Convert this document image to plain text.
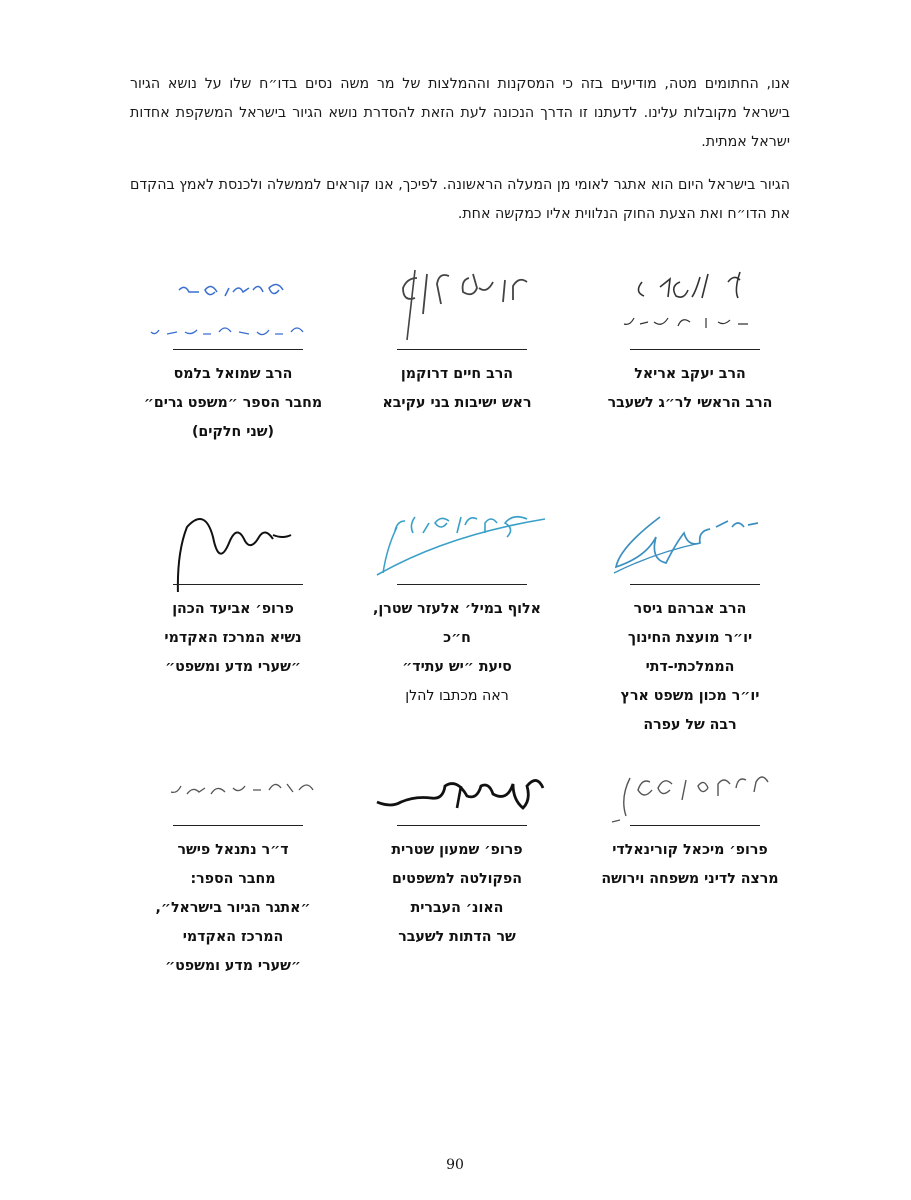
אנו, החתומים מטה, מודיעים בזה כי המסקנות וההמלצות של מר משה נסים בדו״ח שלו על נושא הגיור בישראל מקובלות עלינו. לדעתנו זו הדרך הנכונה לעת הזאת להסדרת נושא הגיור בישראל המשקפת אחדות ישראל אמתית.
הגיור בישראל היום הוא אתגר לאומי מן המעלה הראשונה. לפיכך, אנו קוראים לממשלה ולכנסת לאמץ בהקדם את הדו״ח ואת הצעת החוק הנלווית אליו כמקשה אחת.
הרב יעקב אריאל
הרב הראשי לר״ג לשעבר
הרב חיים דרוקמן
ראש ישיבות בני עקיבא
הרב שמואל בלמס
מחבר הספר ״משפט גרים״
(שני חלקים)
הרב אברהם גיסר
יו״ר מועצת החינוך
הממלכתי-דתי
יו״ר מכון משפט ארץ
רבה של עפרה
אלוף במיל׳ אלעזר שטרן, ח״כ
סיעת ״יש עתיד״
ראה מכתבו להלן
פרופ׳ אביעד הכהן
נשיא המרכז האקדמי
״שערי מדע ומשפט״
פרופ׳ מיכאל קורינאלדי
מרצה לדיני משפחה וירושה
פרופ׳ שמעון שטרית
הפקולטה למשפטים
האונ׳ העברית
שר הדתות לשעבר
ד״ר נתנאל פישר
מחבר הספר:
״אתגר הגיור בישראל״,
המרכז האקדמי
״שערי מדע ומשפט״
90
